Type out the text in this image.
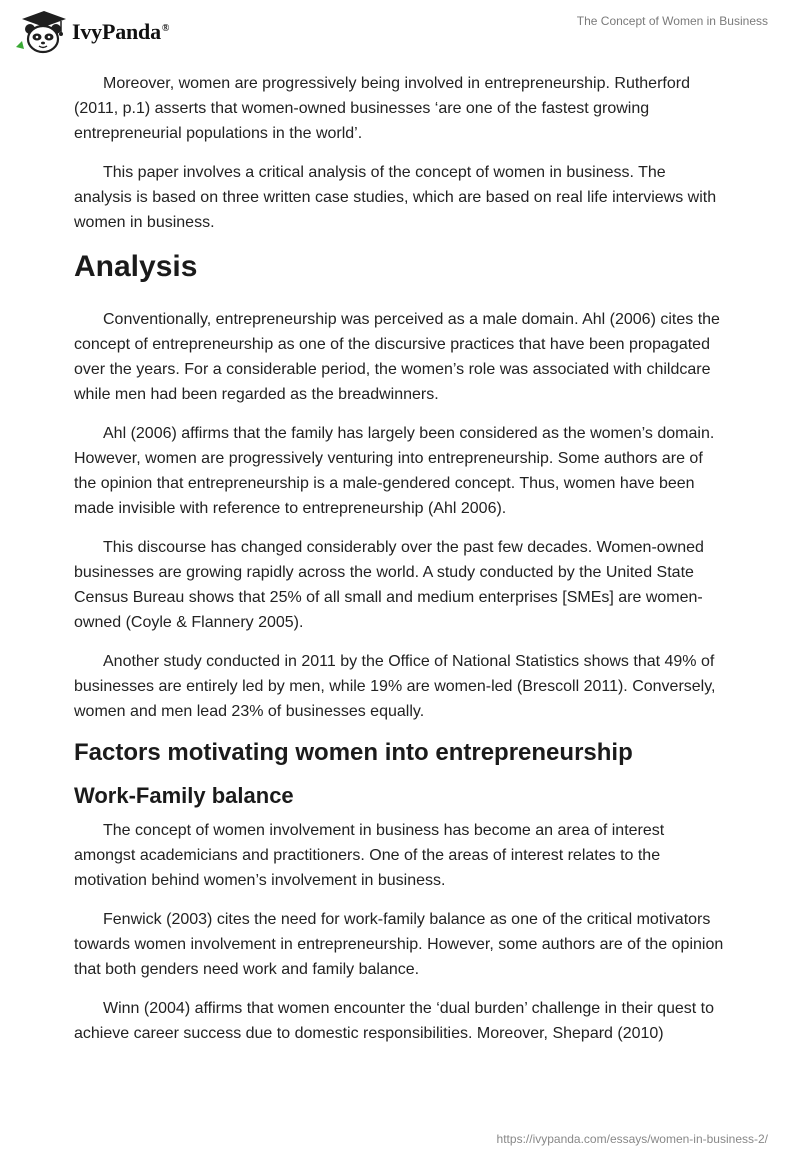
IvyPanda®
The Concept of Women in Business

Moreover, women are progressively being involved in entrepreneurship. Rutherford (2011, p.1) asserts that women-owned businesses ‘are one of the fastest growing entrepreneurial populations in the world’.

This paper involves a critical analysis of the concept of women in business. The analysis is based on three written case studies, which are based on real life interviews with women in business.

Analysis

Conventionally, entrepreneurship was perceived as a male domain. Ahl (2006) cites the concept of entrepreneurship as one of the discursive practices that have been propagated over the years. For a considerable period, the women’s role was associated with childcare while men had been regarded as the breadwinners.

Ahl (2006) affirms that the family has largely been considered as the women’s domain. However, women are progressively venturing into entrepreneurship. Some authors are of the opinion that entrepreneurship is a male-gendered concept. Thus, women have been made invisible with reference to entrepreneurship (Ahl 2006).

This discourse has changed considerably over the past few decades. Women-owned businesses are growing rapidly across the world. A study conducted by the United State Census Bureau shows that 25% of all small and medium enterprises [SMEs] are women-owned (Coyle & Flannery 2005).

Another study conducted in 2011 by the Office of National Statistics shows that 49% of businesses are entirely led by men, while 19% are women-led (Brescoll 2011). Conversely, women and men lead 23% of businesses equally.

Factors motivating women into entrepreneurship
Work-Family balance

The concept of women involvement in business has become an area of interest amongst academicians and practitioners. One of the areas of interest relates to the motivation behind women’s involvement in business.

Fenwick (2003) cites the need for work-family balance as one of the critical motivators towards women involvement in entrepreneurship. However, some authors are of the opinion that both genders need work and family balance.

Winn (2004) affirms that women encounter the ‘dual burden’ challenge in their quest to achieve career success due to domestic responsibilities. Moreover, Shepard (2010)

https://ivypanda.com/essays/women-in-business-2/
